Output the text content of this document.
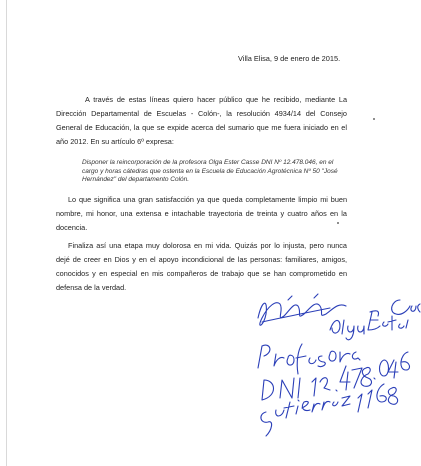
Villa Elisa, 9 de enero de 2015.

A través de estas líneas quiero hacer público que he recibido, mediante La

Dirección Departamental de Escuelas - Colón-, la resolución 4934/14 del Consejo

General de Educación, la que se expide acerca del sumario que me fuera iniciado en el

año 2012. En su artículo 6º expresa:

Disponer la reincorporación de la profesora Olga Ester Casse DNI Nº 12.478.046, en el
cargo y horas cátedras que ostenta en la Escuela de Educación Agrotécnica Nº 50 "José
Hernández" del departamento Colón.

Lo que significa una gran satisfacción ya que queda completamente limpio mi buen

nombre, mi honor, una extensa e intachable trayectoria de treinta y cuatro años en la

docencia.

Finaliza así una etapa muy dolorosa en mi vida. Quizás por lo injusta, pero nunca

dejé de creer en Dios y en el apoyo incondicional de las personas: familiares, amigos,

conocidos y en especial en mis compañeros de trabajo que se han comprometido en

defensa de la verdad.
